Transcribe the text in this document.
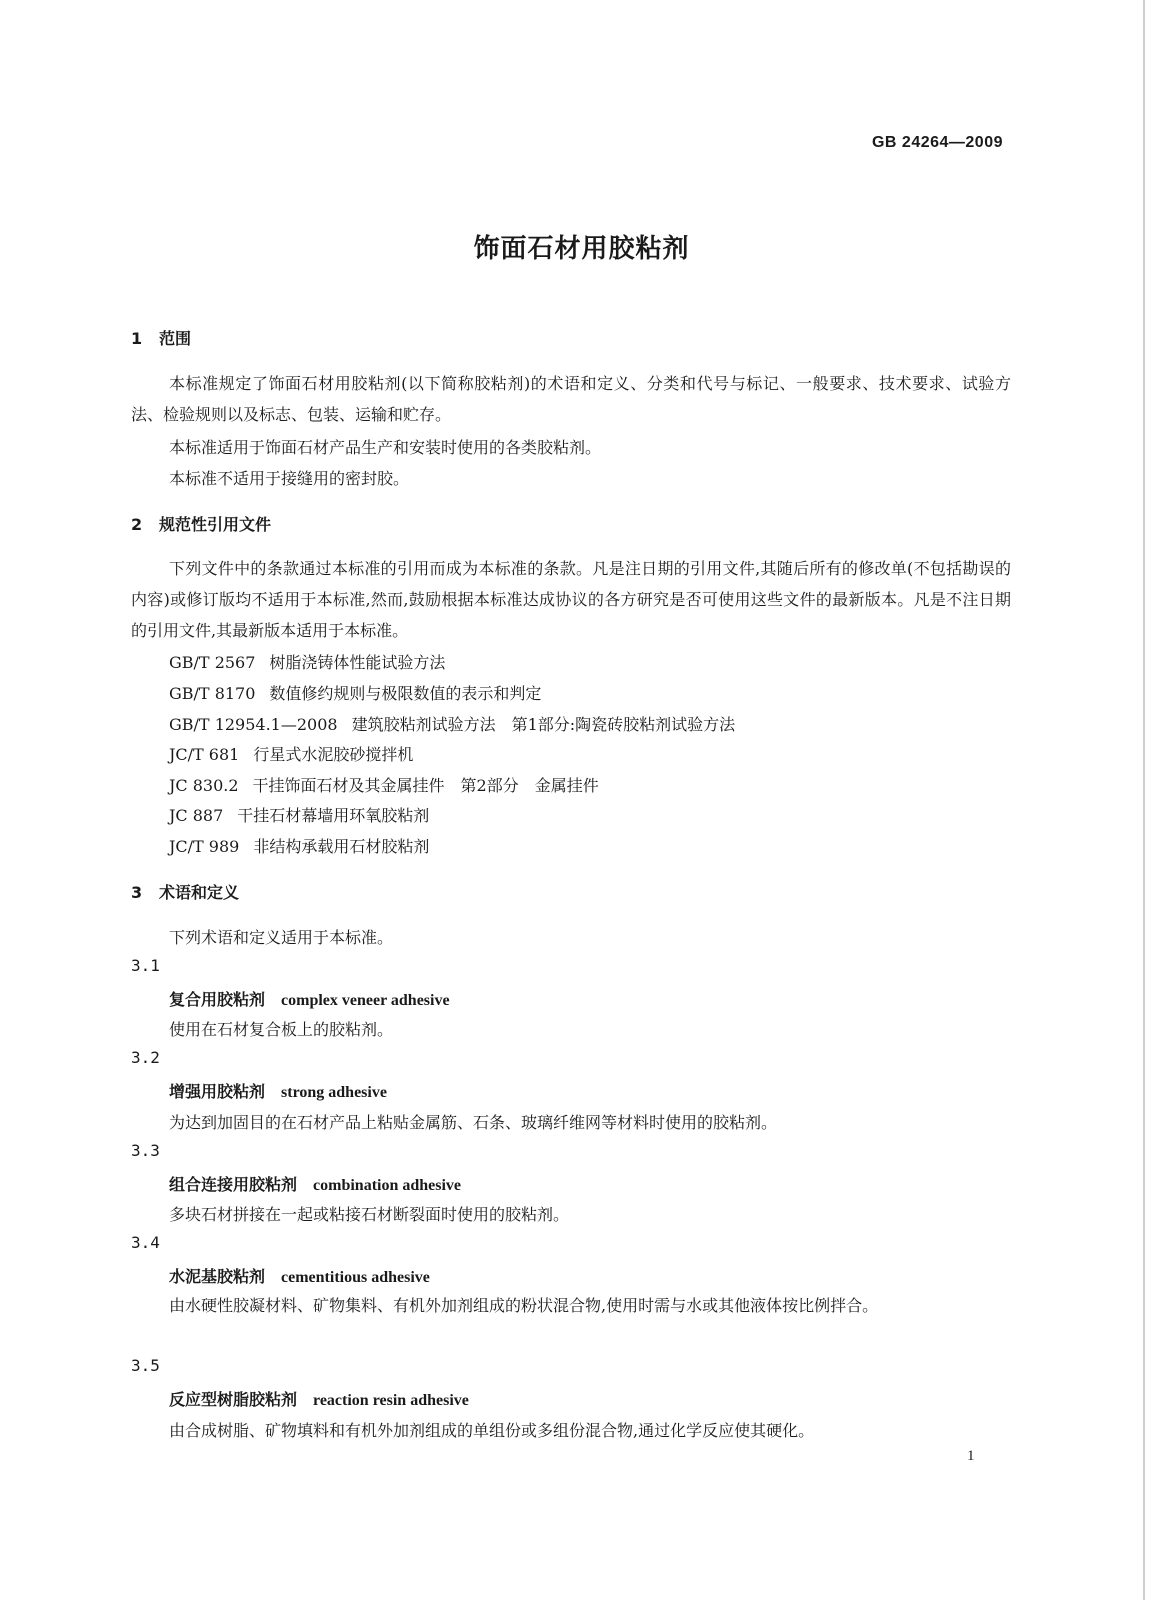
GB 24264—2009
饰面石材用胶粘剂
1 范围
本标准规定了饰面石材用胶粘剂(以下简称胶粘剂)的术语和定义、分类和代号与标记、一般要求、技术要求、试验方法、检验规则以及标志、包装、运输和贮存。
本标准适用于饰面石材产品生产和安装时使用的各类胶粘剂。
本标准不适用于接缝用的密封胶。
2 规范性引用文件
下列文件中的条款通过本标准的引用而成为本标准的条款。凡是注日期的引用文件,其随后所有的修改单(不包括勘误的内容)或修订版均不适用于本标准,然而,鼓励根据本标准达成协议的各方研究是否可使用这些文件的最新版本。凡是不注日期的引用文件,其最新版本适用于本标准。
GB/T 2567 树脂浇铸体性能试验方法
GB/T 8170 数值修约规则与极限数值的表示和判定
GB/T 12954.1—2008 建筑胶粘剂试验方法　第1部分:陶瓷砖胶粘剂试验方法
JC/T 681 行星式水泥胶砂搅拌机
JC 830.2 干挂饰面石材及其金属挂件　第2部分　金属挂件
JC 887 干挂石材幕墙用环氧胶粘剂
JC/T 989 非结构承载用石材胶粘剂
3 术语和定义
下列术语和定义适用于本标准。
3.1
复合用胶粘剂 complex veneer adhesive
使用在石材复合板上的胶粘剂。
3.2
增强用胶粘剂 strong adhesive
为达到加固目的在石材产品上粘贴金属筋、石条、玻璃纤维网等材料时使用的胶粘剂。
3.3
组合连接用胶粘剂 combination adhesive
多块石材拼接在一起或粘接石材断裂面时使用的胶粘剂。
3.4
水泥基胶粘剂 cementitious adhesive
由水硬性胶凝材料、矿物集料、有机外加剂组成的粉状混合物,使用时需与水或其他液体按比例拌合。
3.5
反应型树脂胶粘剂 reaction resin adhesive
由合成树脂、矿物填料和有机外加剂组成的单组份或多组份混合物,通过化学反应使其硬化。
1
